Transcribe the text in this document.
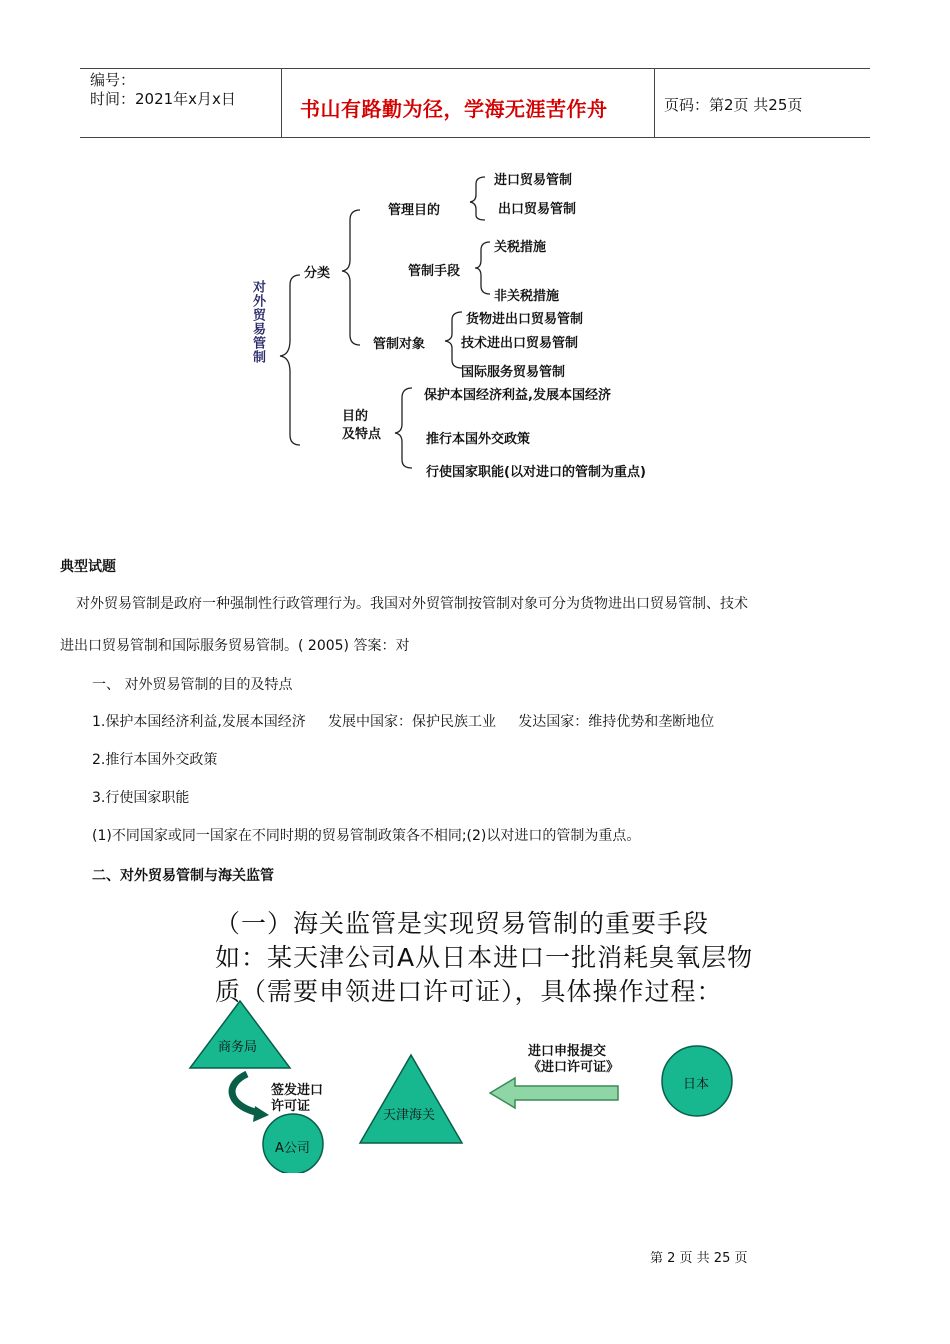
编号：
时间：2021年x月x日	书山有路勤为径，学海无涯苦作舟	页码：第2页 共25页
对外贸易管制
分类
目的
及特点
管理目的
进口贸易管制
出口贸易管制
管制手段
关税措施
非关税措施
管制对象
货物进出口贸易管制
技术进出口贸易管制
国际服务贸易管制
保护本国经济利益,发展本国经济
推行本国外交政策
行使国家职能(以对进口的管制为重点)
典型试题
对外贸易管制是政府一种强制性行政管理行为。我国对外贸管制按管制对象可分为货物进出口贸易管制、技术
进出口贸易管制和国际服务贸易管制。( 2005) 答案：对
一、 对外贸易管制的目的及特点
1.保护本国经济利益,发展本国经济     发展中国家：保护民族工业     发达国家：维持优势和垄断地位
2.推行本国外交政策
3.行使国家职能
(1)不同国家或同一国家在不同时期的贸易管制政策各不相同;(2)以对进口的管制为重点。
二、对外贸易管制与海关监管
（一）海关监管是实现贸易管制的重要手段
如：某天津公司A从日本进口一批消耗臭氧层物
质（需要申领进口许可证），具体操作过程：
商务局
签发进口
许可证
A公司
天津海关
进口申报提交
《进口许可证》
日本
第 2 页 共 25 页
